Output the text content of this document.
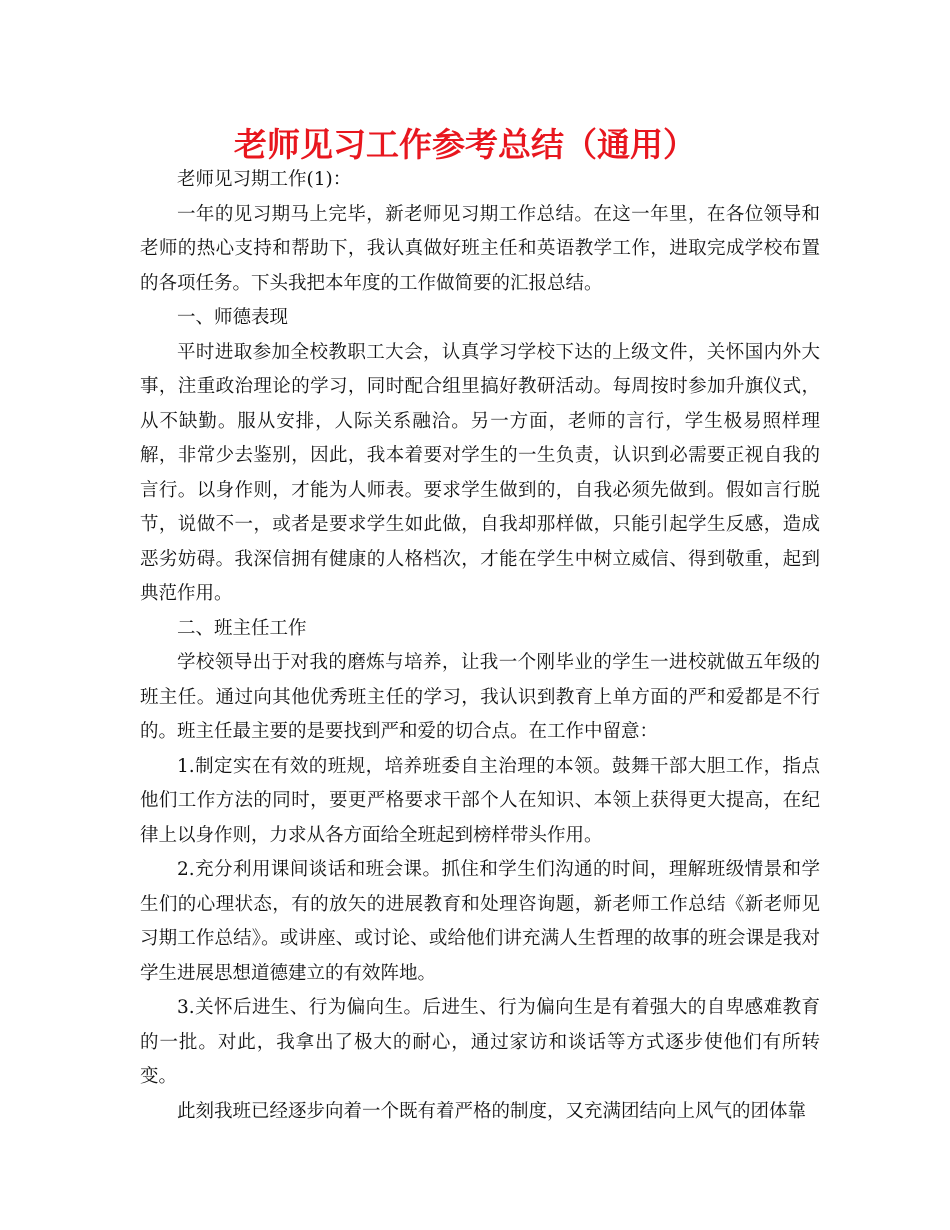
老师见习工作参考总结（通用）

老师见习期工作(1)：

一年的见习期马上完毕，新老师见习期工作总结。在这一年里，在各位领导和老师的热心支持和帮助下，我认真做好班主任和英语教学工作，进取完成学校布置的各项任务。下头我把本年度的工作做简要的汇报总结。

一、师德表现

平时进取参加全校教职工大会，认真学习学校下达的上级文件，关怀国内外大事，注重政治理论的学习，同时配合组里搞好教研活动。每周按时参加升旗仪式，从不缺勤。服从安排，人际关系融洽。另一方面，老师的言行，学生极易照样理解，非常少去鉴别，因此，我本着要对学生的一生负责，认识到必需要正视自我的言行。以身作则，才能为人师表。要求学生做到的，自我必须先做到。假如言行脱节，说做不一，或者是要求学生如此做，自我却那样做，只能引起学生反感，造成恶劣妨碍。我深信拥有健康的人格档次，才能在学生中树立威信、得到敬重，起到典范作用。

二、班主任工作

学校领导出于对我的磨炼与培养，让我一个刚毕业的学生一进校就做五年级的班主任。通过向其他优秀班主任的学习，我认识到教育上单方面的严和爱都是不行的。班主任最主要的是要找到严和爱的切合点。在工作中留意：

1.制定实在有效的班规，培养班委自主治理的本领。鼓舞干部大胆工作，指点他们工作方法的同时，要更严格要求干部个人在知识、本领上获得更大提高，在纪律上以身作则，力求从各方面给全班起到榜样带头作用。

2.充分利用课间谈话和班会课。抓住和学生们沟通的时间，理解班级情景和学生们的心理状态，有的放矢的进展教育和处理咨询题，新老师工作总结《新老师见习期工作总结》。或讲座、或讨论、或给他们讲充满人生哲理的故事的班会课是我对学生进展思想道德建立的有效阵地。

3.关怀后进生、行为偏向生。后进生、行为偏向生是有着强大的自卑感难教育的一批。对此，我拿出了极大的耐心，通过家访和谈话等方式逐步使他们有所转变。

此刻我班已经逐步向着一个既有着严格的制度，又充满团结向上风气的团体靠
